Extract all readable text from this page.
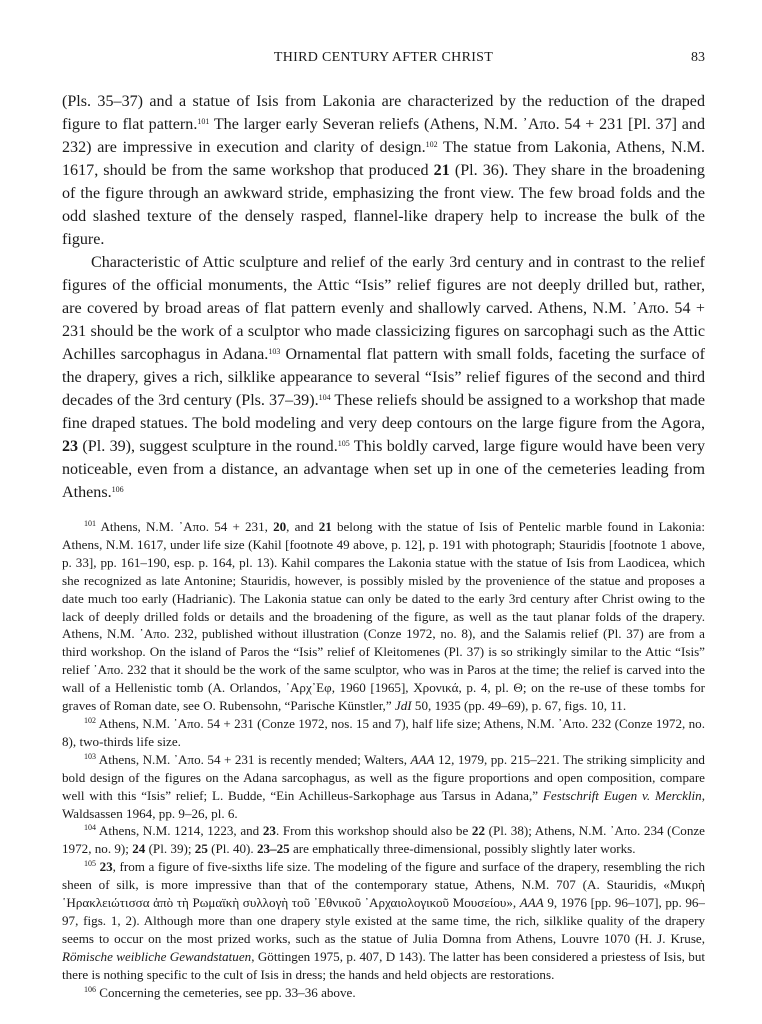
THIRD CENTURY AFTER CHRIST	83

(Pls. 35–37) and a statue of Isis from Lakonia are characterized by the reduction of the draped figure to flat pattern.$^{101}$ The larger early Severan reliefs (Athens, N.M. ᾿Απο. 54 + 231 [Pl. 37] and 232) are impressive in execution and clarity of design.$^{102}$ The statue from Lakonia, Athens, N.M. 1617, should be from the same workshop that produced 21 (Pl. 36). They share in the broadening of the figure through an awkward stride, emphasizing the front view. The few broad folds and the odd slashed texture of the densely rasped, flannel-like drapery help to increase the bulk of the figure.

Characteristic of Attic sculpture and relief of the early 3rd century and in contrast to the relief figures of the official monuments, the Attic “Isis” relief figures are not deeply drilled but, rather, are covered by broad areas of flat pattern evenly and shallowly carved. Athens, N.M. ᾿Απο. 54 + 231 should be the work of a sculptor who made classicizing figures on sarcophagi such as the Attic Achilles sarcophagus in Adana.$^{103}$ Ornamental flat pattern with small folds, faceting the surface of the drapery, gives a rich, silklike appearance to several “Isis” relief figures of the second and third decades of the 3rd century (Pls. 37–39).$^{104}$ These reliefs should be assigned to a workshop that made fine draped statues. The bold modeling and very deep contours on the large figure from the Agora, 23 (Pl. 39), suggest sculpture in the round.$^{105}$ This boldly carved, large figure would have been very noticeable, even from a distance, an advantage when set up in one of the cemeteries leading from Athens.$^{106}$

$^{101}$ Athens, N.M. ᾿Απο. 54 + 231, 20, and 21 belong with the statue of Isis of Pentelic marble found in Lakonia: Athens, N.M. 1617, under life size (Kahil [footnote 49 above, p. 12], p. 191 with photograph; Stauridis [footnote 1 above, p. 33], pp. 161–190, esp. p. 164, pl. 13). Kahil compares the Lakonia statue with the statue of Isis from Laodicea, which she recognized as late Antonine; Stauridis, however, is possibly misled by the provenience of the statue and proposes a date much too early (Hadrianic). The Lakonia statue can only be dated to the early 3rd century after Christ owing to the lack of deeply drilled folds or details and the broadening of the figure, as well as the taut planar folds of the drapery. Athens, N.M. ᾿Απο. 232, published without illustration (Conze 1972, no. 8), and the Salamis relief (Pl. 37) are from a third workshop. On the island of Paros the “Isis” relief of Kleitomenes (Pl. 37) is so strikingly similar to the Attic “Isis” relief ᾿Απο. 232 that it should be the work of the same sculptor, who was in Paros at the time; the relief is carved into the wall of a Hellenistic tomb (A. Orlandos, ᾿Αρχ᾿Εφ, 1960 [1965], Χρονικά, p. 4, pl. Θ; on the re-use of these tombs for graves of Roman date, see O. Rubensohn, “Parische Künstler,” JdI 50, 1935 (pp. 49–69), p. 67, figs. 10, 11.

$^{102}$ Athens, N.M. ᾿Απο. 54 + 231 (Conze 1972, nos. 15 and 7), half life size; Athens, N.M. ᾿Απο. 232 (Conze 1972, no. 8), two-thirds life size.

$^{103}$ Athens, N.M. ᾿Απο. 54 + 231 is recently mended; Walters, AAA 12, 1979, pp. 215–221. The striking simplicity and bold design of the figures on the Adana sarcophagus, as well as the figure proportions and open composition, compare well with this “Isis” relief; L. Budde, “Ein Achilleus-Sarkophage aus Tarsus in Adana,” Festschrift Eugen v. Mercklin, Waldsassen 1964, pp. 9–26, pl. 6.

$^{104}$ Athens, N.M. 1214, 1223, and 23. From this workshop should also be 22 (Pl. 38); Athens, N.M. ᾿Απο. 234 (Conze 1972, no. 9); 24 (Pl. 39); 25 (Pl. 40). 23–25 are emphatically three-dimensional, possibly slightly later works.

$^{105}$ 23, from a figure of five-sixths life size. The modeling of the figure and surface of the drapery, resembling the rich sheen of silk, is more impressive than that of the contemporary statue, Athens, N.M. 707 (A. Stauridis, «Μικρὴ ῾Ηρακλειώτισσα ἀπὸ τὴ Ρωμαϊκὴ συλλογὴ τοῦ ᾿Εθνικοῦ ᾿Αρχαιολογικοῦ Μουσείου», AAA 9, 1976 [pp. 96–107], pp. 96–97, figs. 1, 2). Although more than one drapery style existed at the same time, the rich, silklike quality of the drapery seems to occur on the most prized works, such as the statue of Julia Domna from Athens, Louvre 1070 (H. J. Kruse, Römische weibliche Gewandstatuen, Göttingen 1975, p. 407, D 143). The latter has been considered a priestess of Isis, but there is nothing specific to the cult of Isis in dress; the hands and held objects are restorations.

$^{106}$ Concerning the cemeteries, see pp. 33–36 above.
